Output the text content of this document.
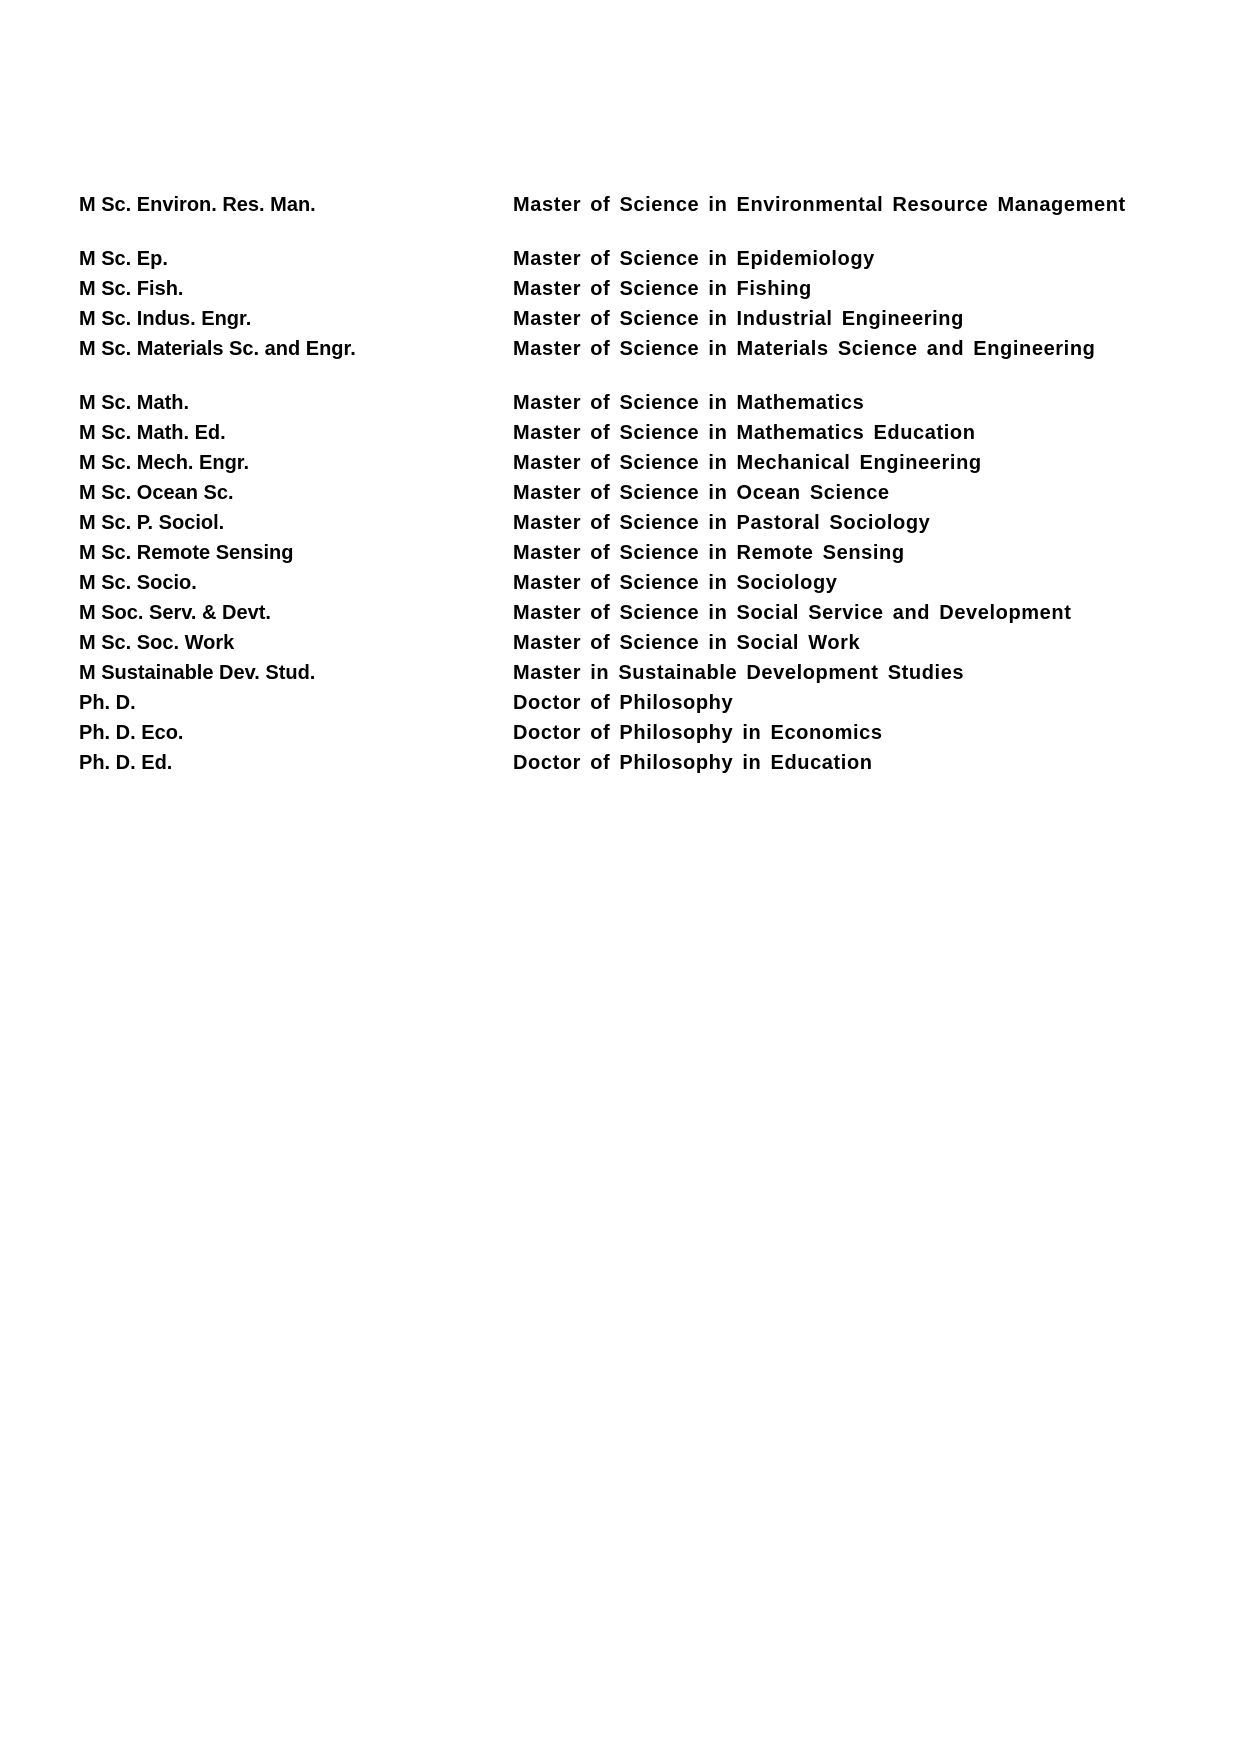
M Sc. Environ. Res. Man.	Master of Science in Environmental Resource Management
M Sc. Ep.	Master of Science in Epidemiology
M Sc. Fish.	Master of Science in Fishing
M Sc. Indus. Engr.	Master of Science in Industrial Engineering
M Sc. Materials Sc. and Engr.	Master of Science in Materials Science and Engineering
M Sc. Math.	Master of Science in Mathematics
M Sc. Math. Ed.	Master of Science in Mathematics Education
M Sc. Mech. Engr.	Master of Science in Mechanical Engineering
M Sc. Ocean Sc.	Master of Science in Ocean Science
M Sc. P. Sociol.	Master of Science in Pastoral Sociology
M Sc. Remote Sensing	Master of Science in Remote Sensing
M Sc. Socio.	Master of Science in Sociology
M Soc. Serv. & Devt.	Master of Science in Social Service and Development
M Sc. Soc. Work	Master of Science in Social Work
M Sustainable Dev. Stud.	Master in Sustainable Development Studies
Ph. D.	Doctor of Philosophy
Ph. D. Eco.	Doctor of Philosophy in Economics
Ph. D. Ed.	Doctor of Philosophy in Education
